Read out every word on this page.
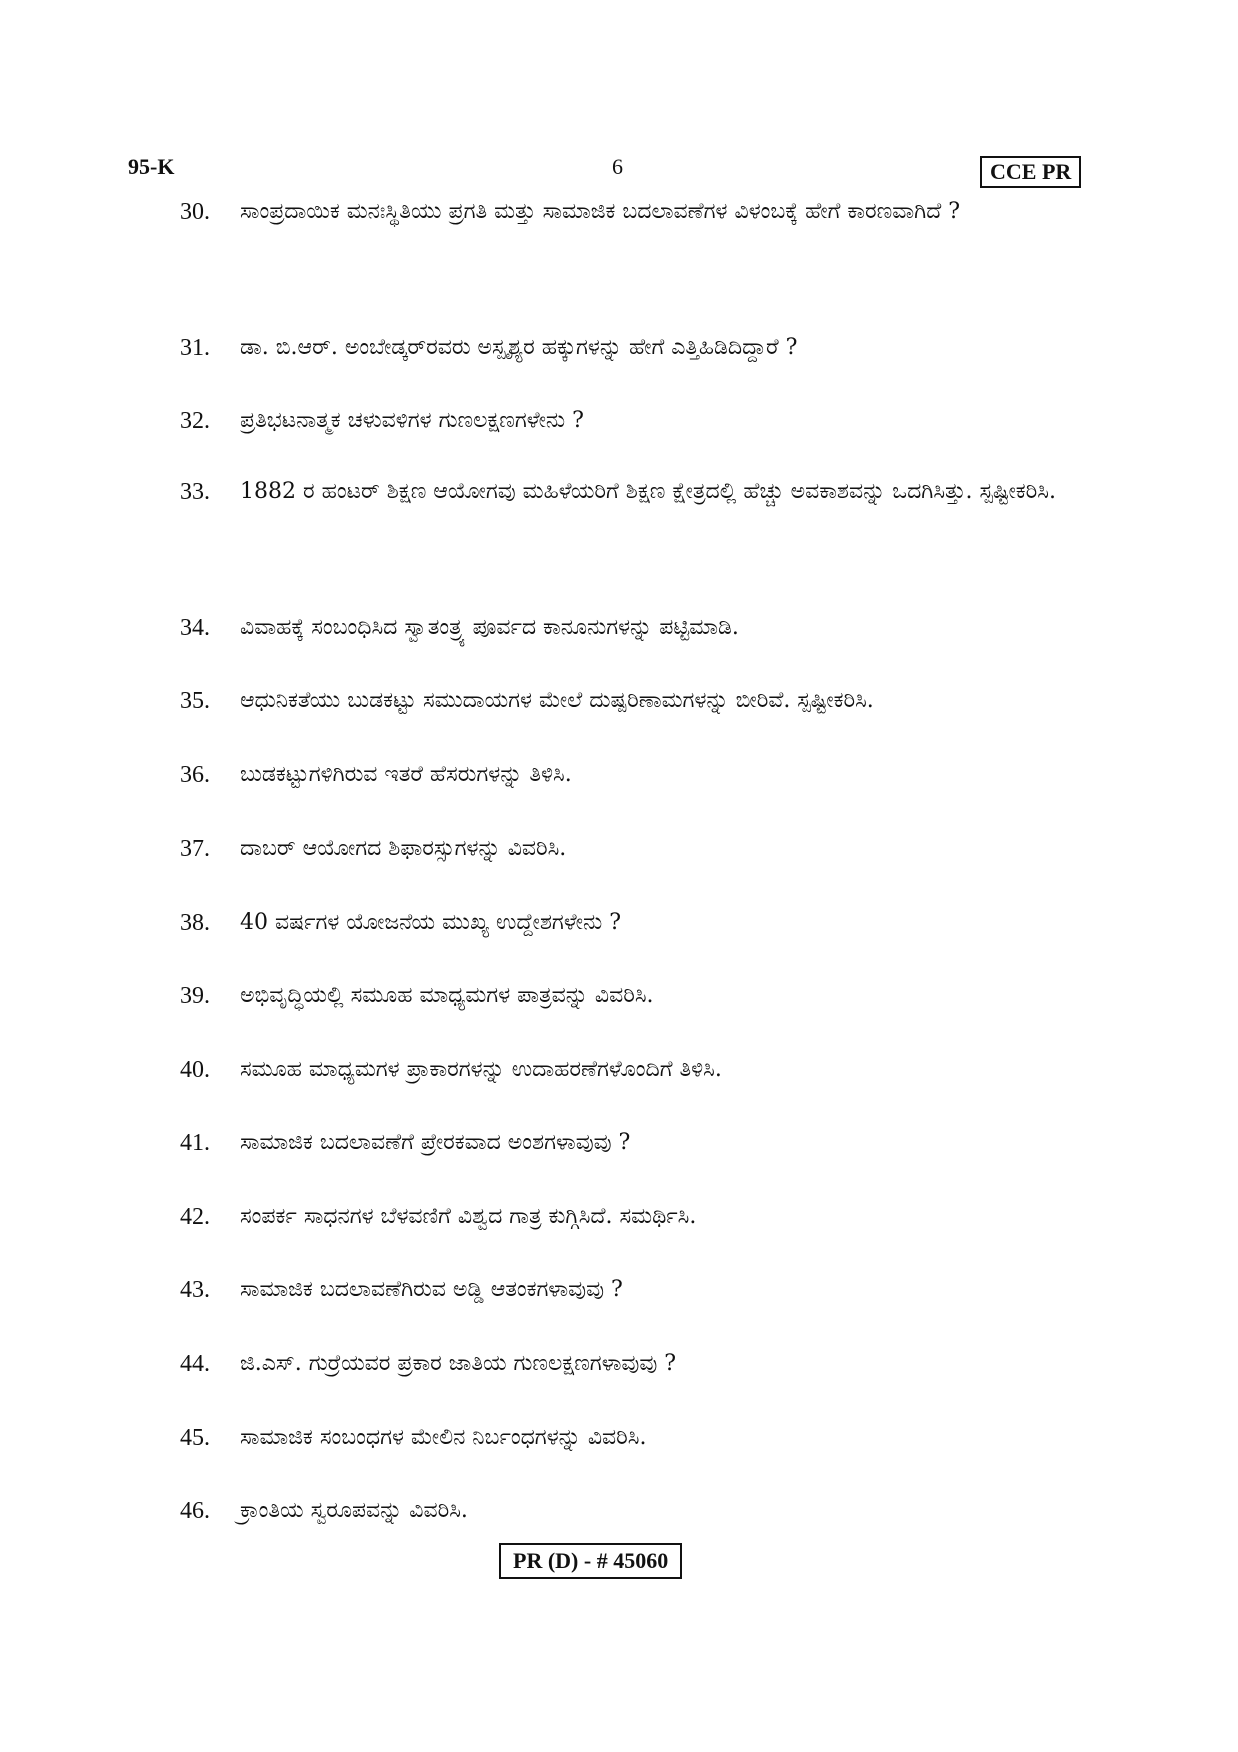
95-K	6	CCE PR
30.	ಸಾಂಪ್ರದಾಯಿಕ ಮನಃಸ್ಥಿತಿಯು ಪ್ರಗತಿ ಮತ್ತು ಸಾಮಾಜಿಕ ಬದಲಾವಣೆಗಳ ವಿಳಂಬಕ್ಕೆ ಹೇಗೆ ಕಾರಣವಾಗಿದೆ ?
31.	ಡಾ. ಬಿ.ಆರ್. ಅಂಬೇಡ್ಕರ್‌ರವರು ಅಸ್ಪೃಶ್ಯರ ಹಕ್ಕುಗಳನ್ನು ಹೇಗೆ ಎತ್ತಿಹಿಡಿದಿದ್ದಾರೆ ?
32.	ಪ್ರತಿಭಟನಾತ್ಮಕ ಚಳುವಳಿಗಳ ಗುಣಲಕ್ಷಣಗಳೇನು ?
33.	1882 ರ ಹಂಟರ್ ಶಿಕ್ಷಣ ಆಯೋಗವು ಮಹಿಳೆಯರಿಗೆ ಶಿಕ್ಷಣ ಕ್ಷೇತ್ರದಲ್ಲಿ ಹೆಚ್ಚು ಅವಕಾಶವನ್ನು ಒದಗಿಸಿತ್ತು. ಸ್ಪಷ್ಟೀಕರಿಸಿ.
34.	ವಿವಾಹಕ್ಕೆ ಸಂಬಂಧಿಸಿದ ಸ್ವಾತಂತ್ರ್ಯ ಪೂರ್ವದ ಕಾನೂನುಗಳನ್ನು ಪಟ್ಟಿಮಾಡಿ.
35.	ಆಧುನಿಕತೆಯು ಬುಡಕಟ್ಟು ಸಮುದಾಯಗಳ ಮೇಲೆ ದುಷ್ಪರಿಣಾಮಗಳನ್ನು ಬೀರಿವೆ. ಸ್ಪಷ್ಟೀಕರಿಸಿ.
36.	ಬುಡಕಟ್ಟುಗಳಿಗಿರುವ ಇತರೆ ಹೆಸರುಗಳನ್ನು ತಿಳಿಸಿ.
37.	ದಾಬರ್ ಆಯೋಗದ ಶಿಫಾರಸ್ಸುಗಳನ್ನು ವಿವರಿಸಿ.
38.	40 ವರ್ಷಗಳ ಯೋಜನೆಯ ಮುಖ್ಯ ಉದ್ದೇಶಗಳೇನು ?
39.	ಅಭಿವೃದ್ಧಿಯಲ್ಲಿ ಸಮೂಹ ಮಾಧ್ಯಮಗಳ ಪಾತ್ರವನ್ನು ವಿವರಿಸಿ.
40.	ಸಮೂಹ ಮಾಧ್ಯಮಗಳ ಪ್ರಾಕಾರಗಳನ್ನು ಉದಾಹರಣೆಗಳೊಂದಿಗೆ ತಿಳಿಸಿ.
41.	ಸಾಮಾಜಿಕ ಬದಲಾವಣೆಗೆ ಪ್ರೇರಕವಾದ ಅಂಶಗಳಾವುವು ?
42.	ಸಂಪರ್ಕ ಸಾಧನಗಳ ಬೆಳವಣಿಗೆ ವಿಶ್ವದ ಗಾತ್ರ ಕುಗ್ಗಿಸಿದೆ. ಸಮರ್ಥಿಸಿ.
43.	ಸಾಮಾಜಿಕ ಬದಲಾವಣೆಗಿರುವ ಅಡ್ಡಿ ಆತಂಕಗಳಾವುವು ?
44.	ಜಿ.ಎಸ್. ಗುರ್ರೆಯವರ ಪ್ರಕಾರ ಜಾತಿಯ ಗುಣಲಕ್ಷಣಗಳಾವುವು ?
45.	ಸಾಮಾಜಿಕ ಸಂಬಂಧಗಳ ಮೇಲಿನ ನಿರ್ಬಂಧಗಳನ್ನು ವಿವರಿಸಿ.
46.	ಕ್ರಾಂತಿಯ ಸ್ವರೂಪವನ್ನು ವಿವರಿಸಿ.
PR (D) - # 45060
